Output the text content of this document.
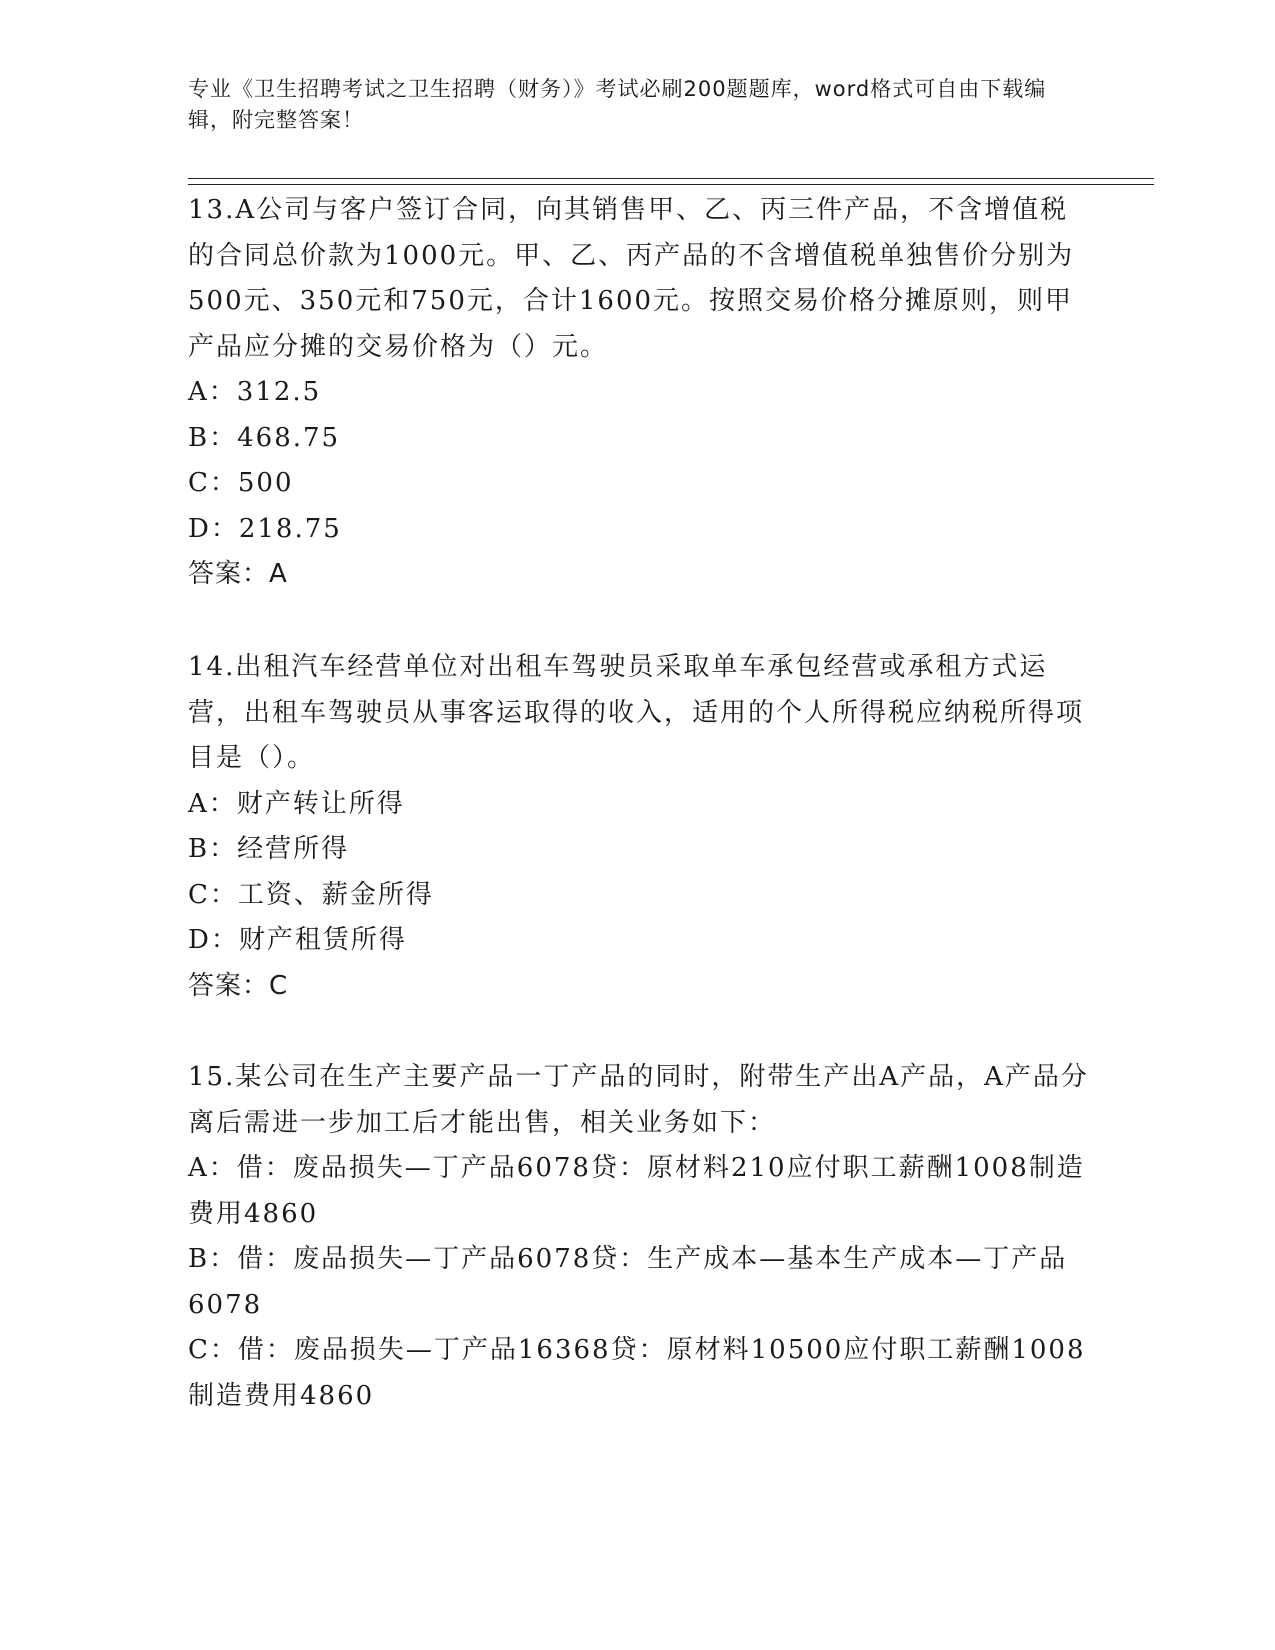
专业《卫生招聘考试之卫生招聘（财务）》考试必刷200题题库，word格式可自由下载编辑，附完整答案！

13.A公司与客户签订合同，向其销售甲、乙、丙三件产品，不含增值税的合同总价款为1000元。甲、乙、丙产品的不含增值税单独售价分别为500元、350元和750元，合计1600元。按照交易价格分摊原则，则甲产品应分摊的交易价格为（）元。

A：312.5

B：468.75

C：500

D：218.75

答案：A

14.出租汽车经营单位对出租车驾驶员采取单车承包经营或承租方式运营，出租车驾驶员从事客运取得的收入，适用的个人所得税应纳税所得项目是（）。

A：财产转让所得

B：经营所得

C：工资、薪金所得

D：财产租赁所得

答案：C

15.某公司在生产主要产品一丁产品的同时，附带生产出A产品，A产品分离后需进一步加工后才能出售，相关业务如下：

A：借：废品损失—丁产品6078贷：原材料210应付职工薪酬1008制造费用4860

B：借：废品损失—丁产品6078贷：生产成本—基本生产成本—丁产品6078

C：借：废品损失—丁产品16368贷：原材料10500应付职工薪酬1008制造费用4860
